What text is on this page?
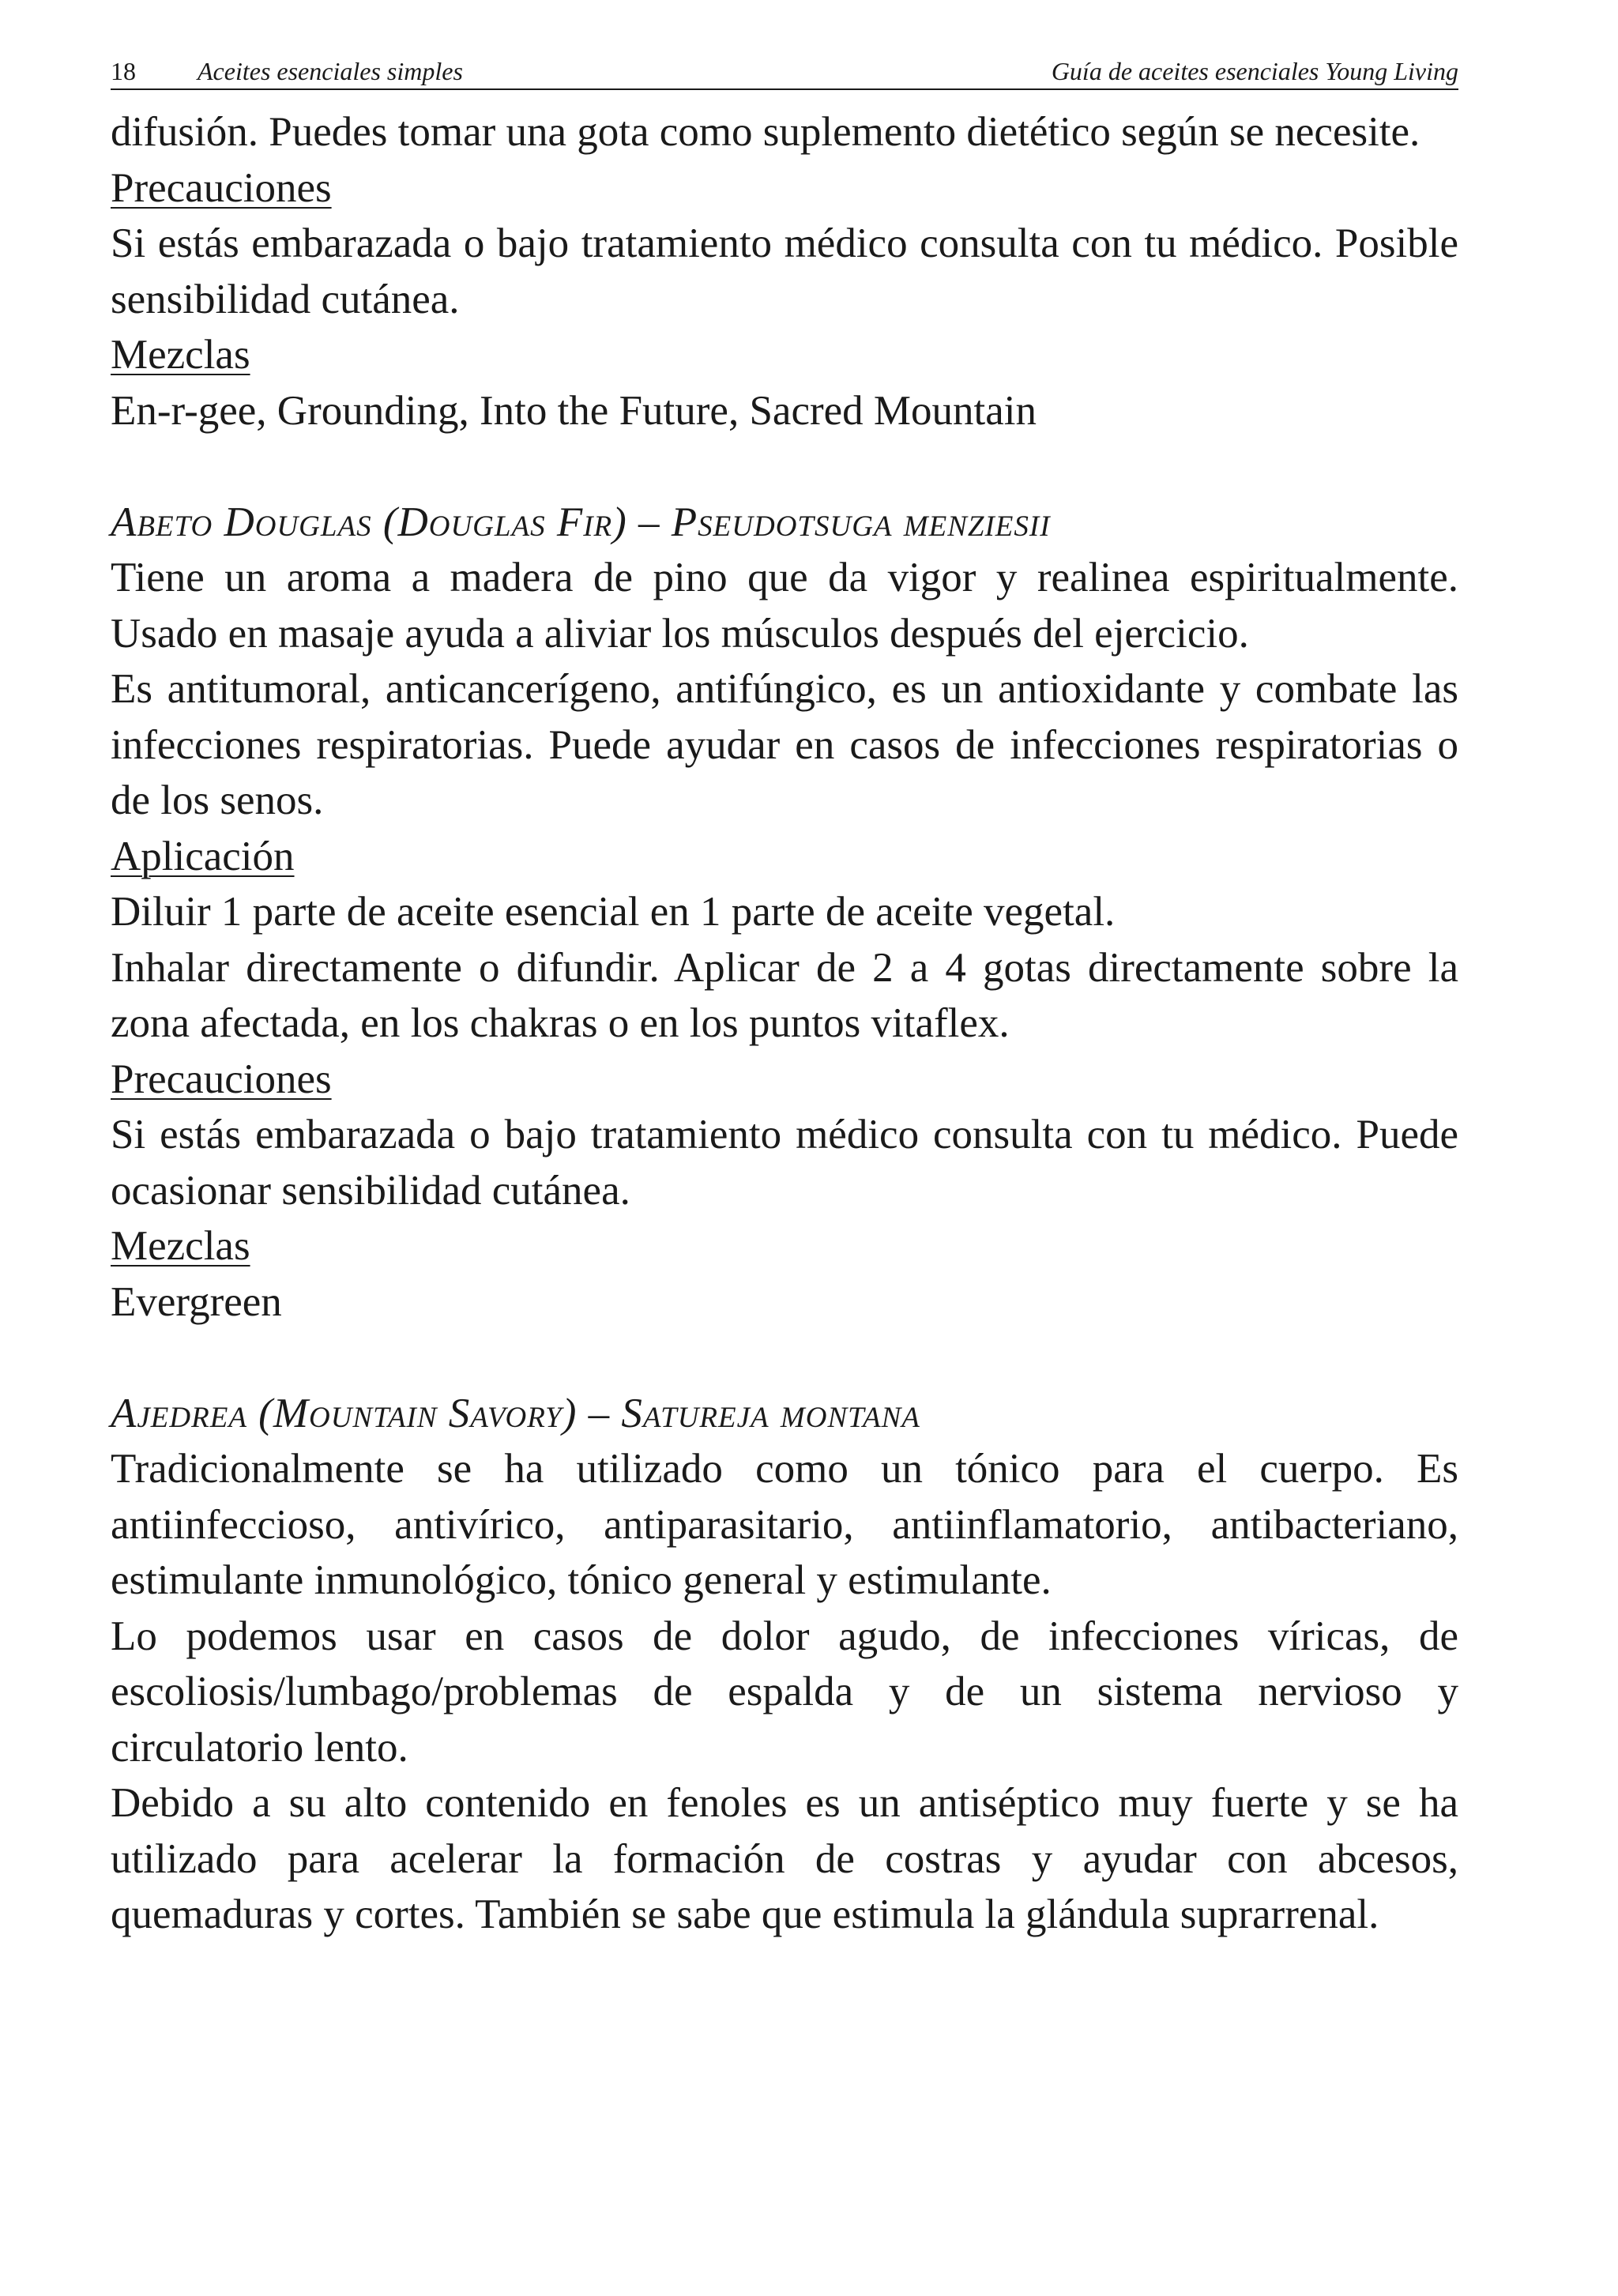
18	Aceites esenciales simples	Guía de aceites esenciales Young Living

difusión. Puedes tomar una gota como suplemento dietético según se necesite.

Precauciones

Si estás embarazada o bajo tratamiento médico consulta con tu médico. Posible sensibilidad cutánea.

Mezclas

En-r-gee, Grounding, Into the Future, Sacred Mountain

Abeto Douglas (Douglas Fir) – Pseudotsuga menziesii

Tiene un aroma a madera de pino que da vigor y realinea espiritualmente. Usado en masaje ayuda a aliviar los músculos después del ejercicio.

Es antitumoral, anticancerígeno, antifúngico, es un antioxidante y combate las infecciones respiratorias. Puede ayudar en casos de infecciones respiratorias o de los senos.

Aplicación

Diluir 1 parte de aceite esencial en 1 parte de aceite vegetal.

Inhalar directamente o difundir. Aplicar de 2 a 4 gotas directamente sobre la zona afectada, en los chakras o en los puntos vitaflex.

Precauciones

Si estás embarazada o bajo tratamiento médico consulta con tu médico. Puede ocasionar sensibilidad cutánea.

Mezclas

Evergreen

Ajedrea (Mountain Savory) – Satureja montana

Tradicionalmente se ha utilizado como un tónico para el cuerpo. Es antiinfeccioso, antivírico, antiparasitario, antiinflamatorio, antibacteriano, estimulante inmunológico, tónico general y estimulante.

Lo podemos usar en casos de dolor agudo, de infecciones víricas, de escoliosis/lumbago/problemas de espalda y de un sistema nervioso y circulatorio lento.

Debido a su alto contenido en fenoles es un antiséptico muy fuerte y se ha utilizado para acelerar la formación de costras y ayudar con abcesos, quemaduras y cortes. También se sabe que estimula la glándula suprarrenal.
